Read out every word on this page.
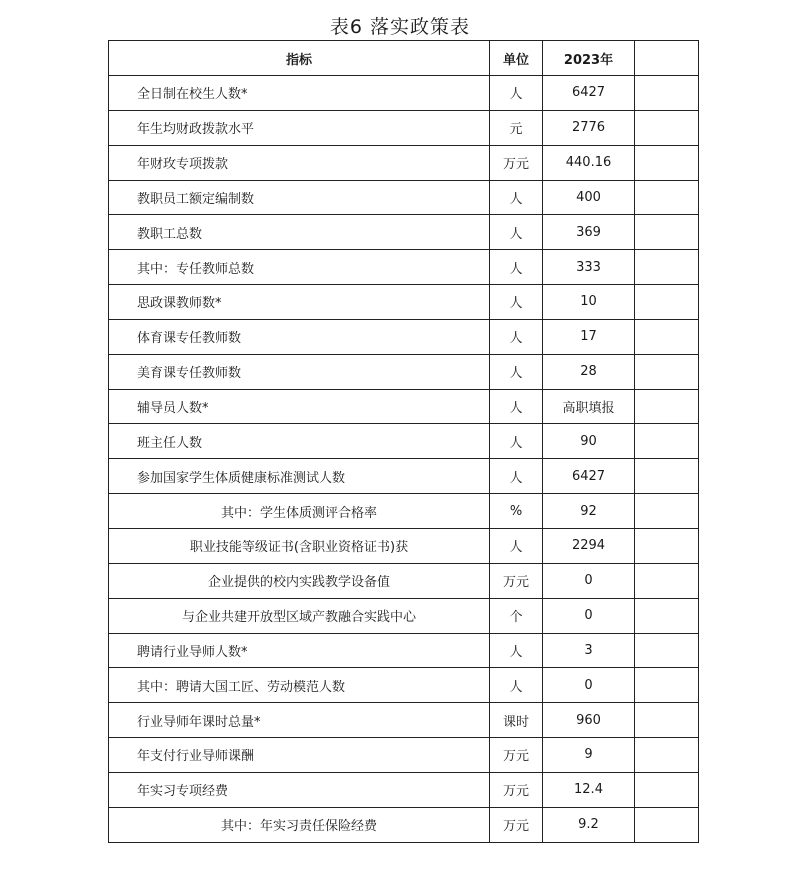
表6 落实政策表
指标	单位	2023年	
全日制在校生人数*	人	6427	
年生均财政拨款水平	元	2776	
年财玫专项拨款	万元	440.16	
教职员工额定编制数	人	400	
教职工总数	人	369	
其中：专任教师总数	人	333	
思政课教师数*	人	10	
体育课专任教师数	人	17	
美育课专任教师数	人	28	
辅导员人数*	人	高职填报	
班主任人数	人	90	
参加国家学生体质健康标准测试人数	人	6427	
其中：学生体质测评合格率	%	92	
职业技能等级证书(含职业资格证书)获	人	2294	
企业提供的校内实践教学设备值	万元	0	
与企业共建开放型区域产教融合实践中心	个	0	
聘请行业导师人数*	人	3	
其中：聘请大国工匠、劳动模范人数	人	0	
行业导师年课时总量*	课时	960	
年支付行业导师课酬	万元	9	
年实习专项经费	万元	12.4	
其中：年实习责任保险经费	万元	9.2	
